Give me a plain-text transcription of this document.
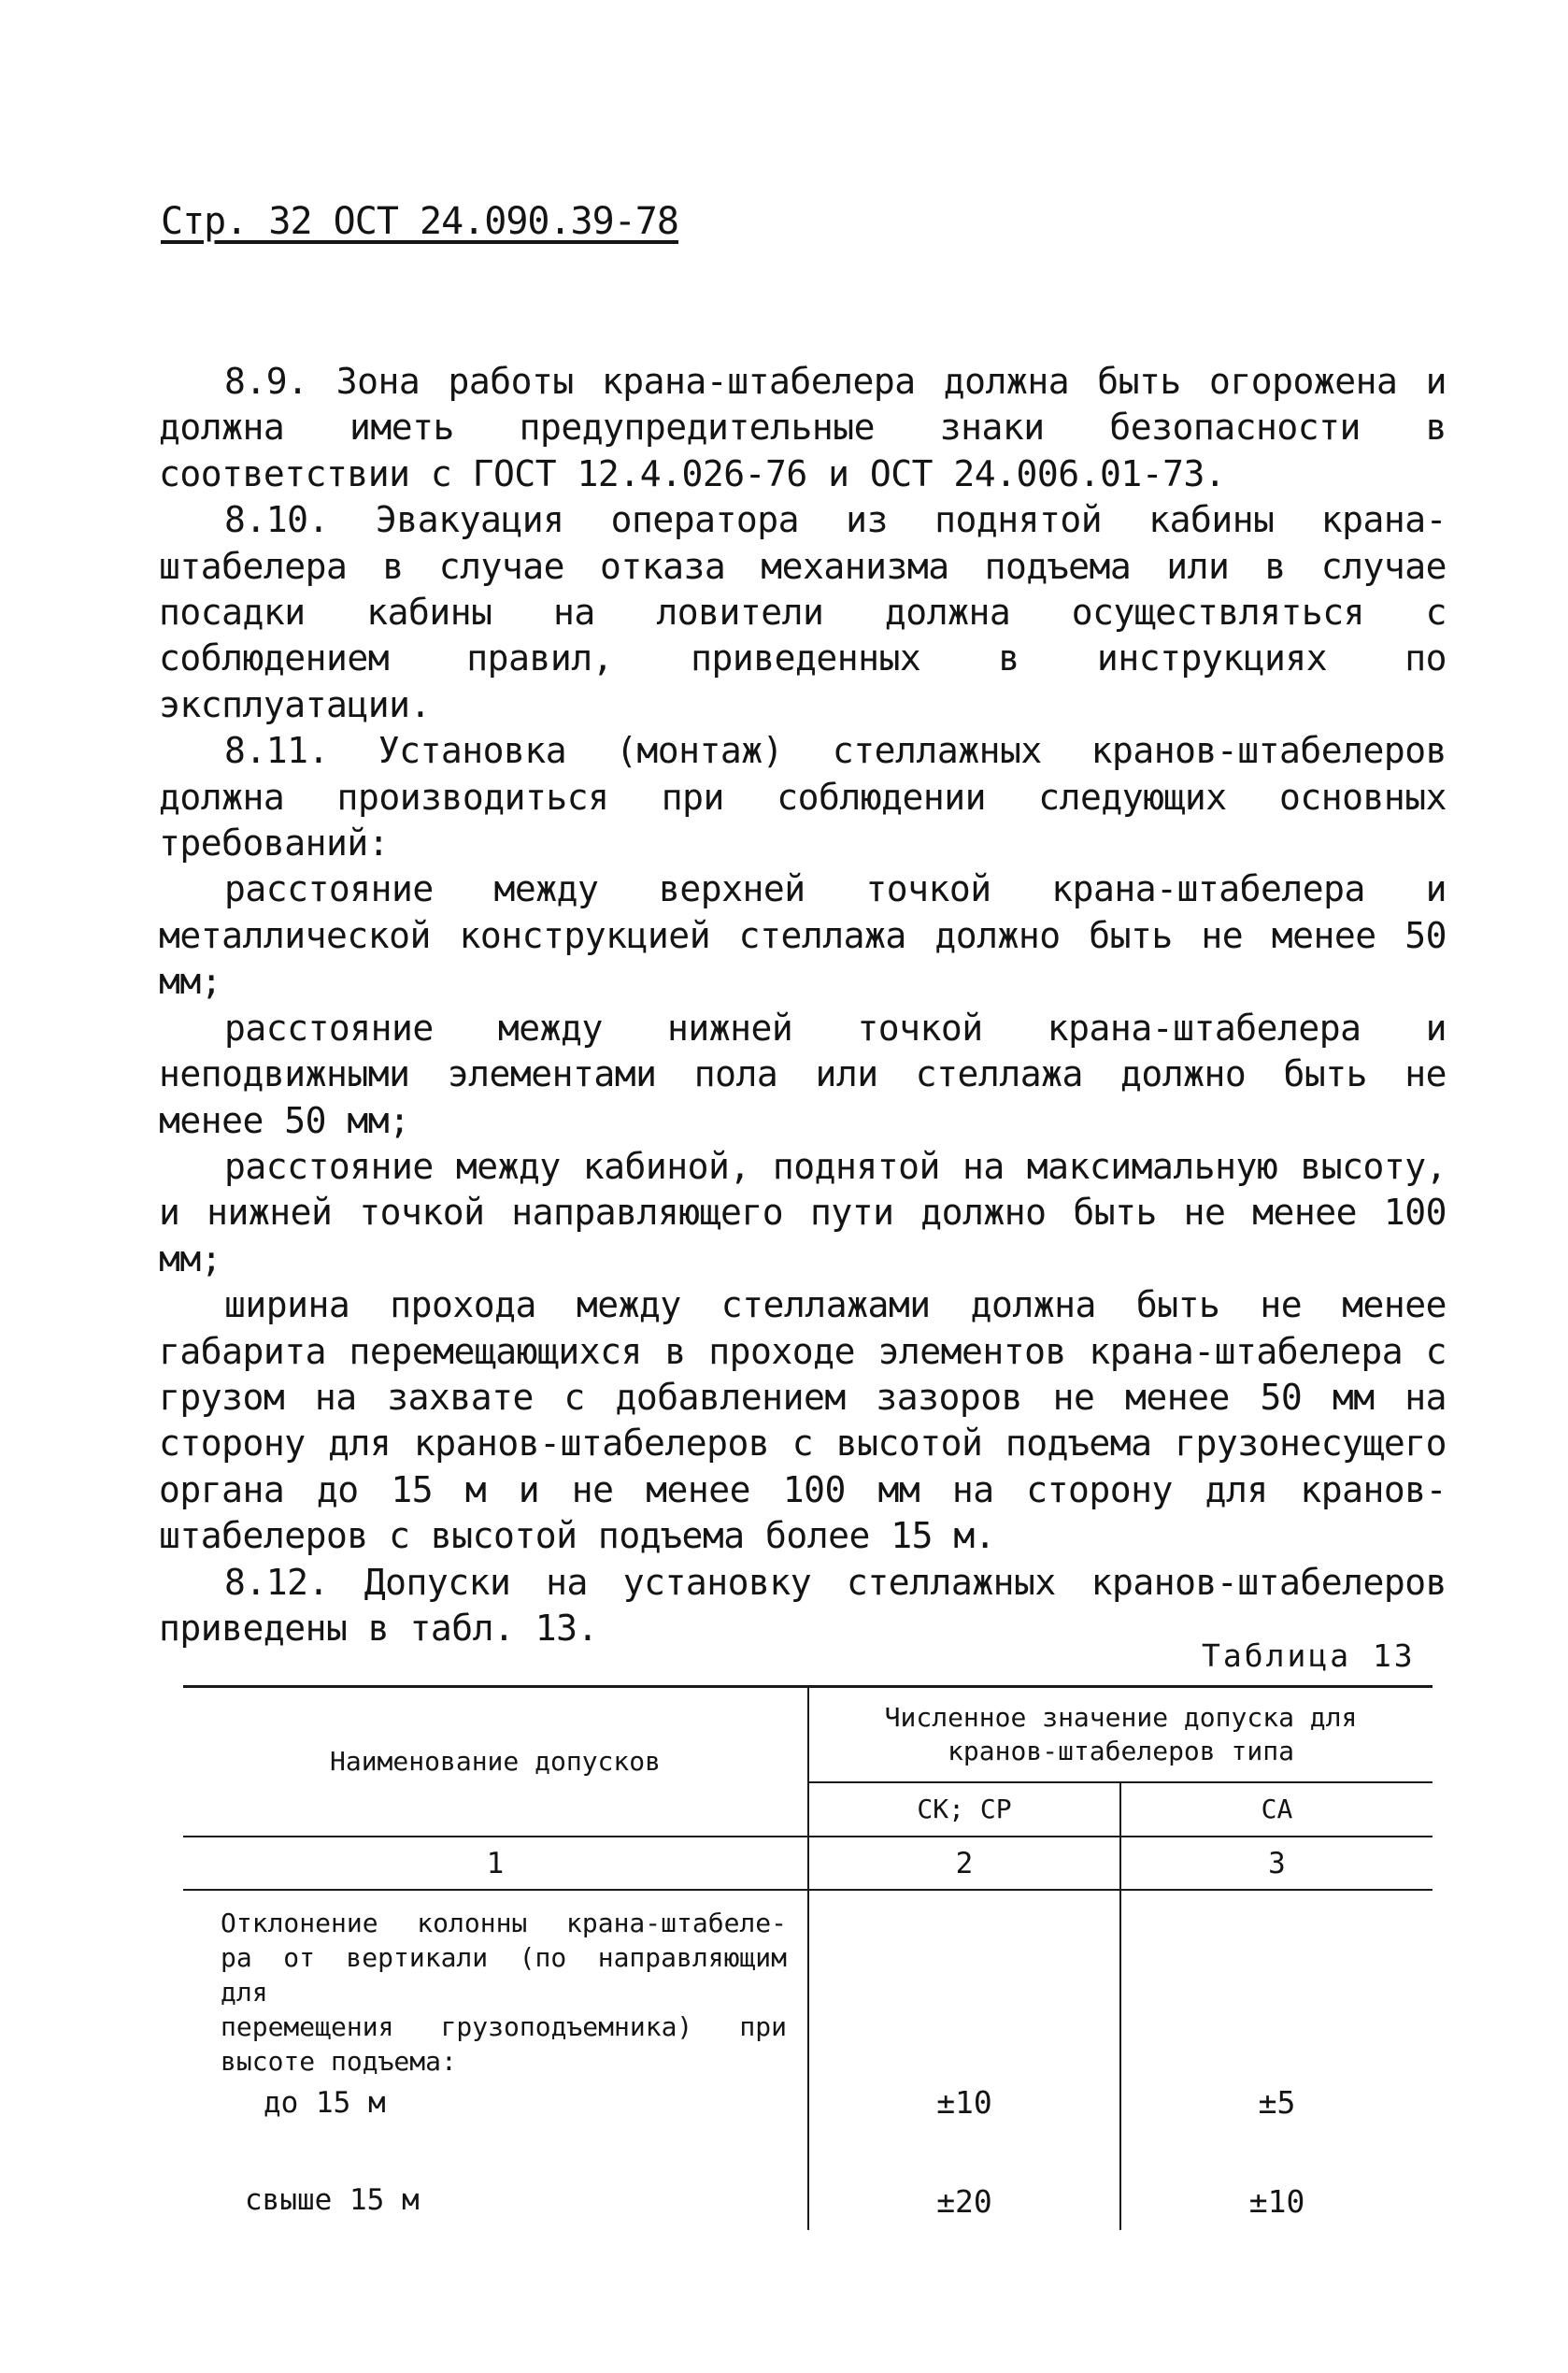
Стр. 32 ОСТ 24.090.39-78

8.9. Зона работы крана-штабелера должна быть огорожена и должна иметь предупредительные знаки безопасности в соответствии с ГОСТ 12.4.026-76 и ОСТ 24.006.01-73.

8.10. Эвакуация оператора из поднятой кабины крана-штабелера в случае отказа механизма подъема или в случае посадки кабины на ловители должна осуществляться с соблюдением правил, приведенных в инструкциях по эксплуатации.

8.11. Установка (монтаж) стеллажных кранов-штабелеров должна производиться при соблюдении следующих основных требований:

расстояние между верхней точкой крана-штабелера и металлической конструкцией стеллажа должно быть не менее 50 мм;

расстояние между нижней точкой крана-штабелера и неподвижными элементами пола или стеллажа должно быть не менее 50 мм;

расстояние между кабиной, поднятой на максимальную высоту, и нижней точкой направляющего пути должно быть не менее 100 мм;

ширина прохода между стеллажами должна быть не менее габарита перемещающихся в проходе элементов крана-штабелера с грузом на захвате с добавлением зазоров не менее 50 мм на сторону для кранов-штабелеров с высотой подъема грузонесущего органа до 15 м и не менее 100 мм на сторону для кранов-штабелеров с высотой подъема более 15 м.

8.12. Допуски на установку стеллажных кранов-штабелеров приведены в табл. 13.

Таблица 13
Наименование допусков	Численное значение допуска для кранов-штабелеров типа	
	СК; СР	СА
1	2	3

Отклонение колонны крана-штабеле-
ра от вертикали (по направляющим для
перемещения грузоподъемника) при
высоте подъема:		

до 15 м	±10	±5
свыше 15 м	±20	±10
